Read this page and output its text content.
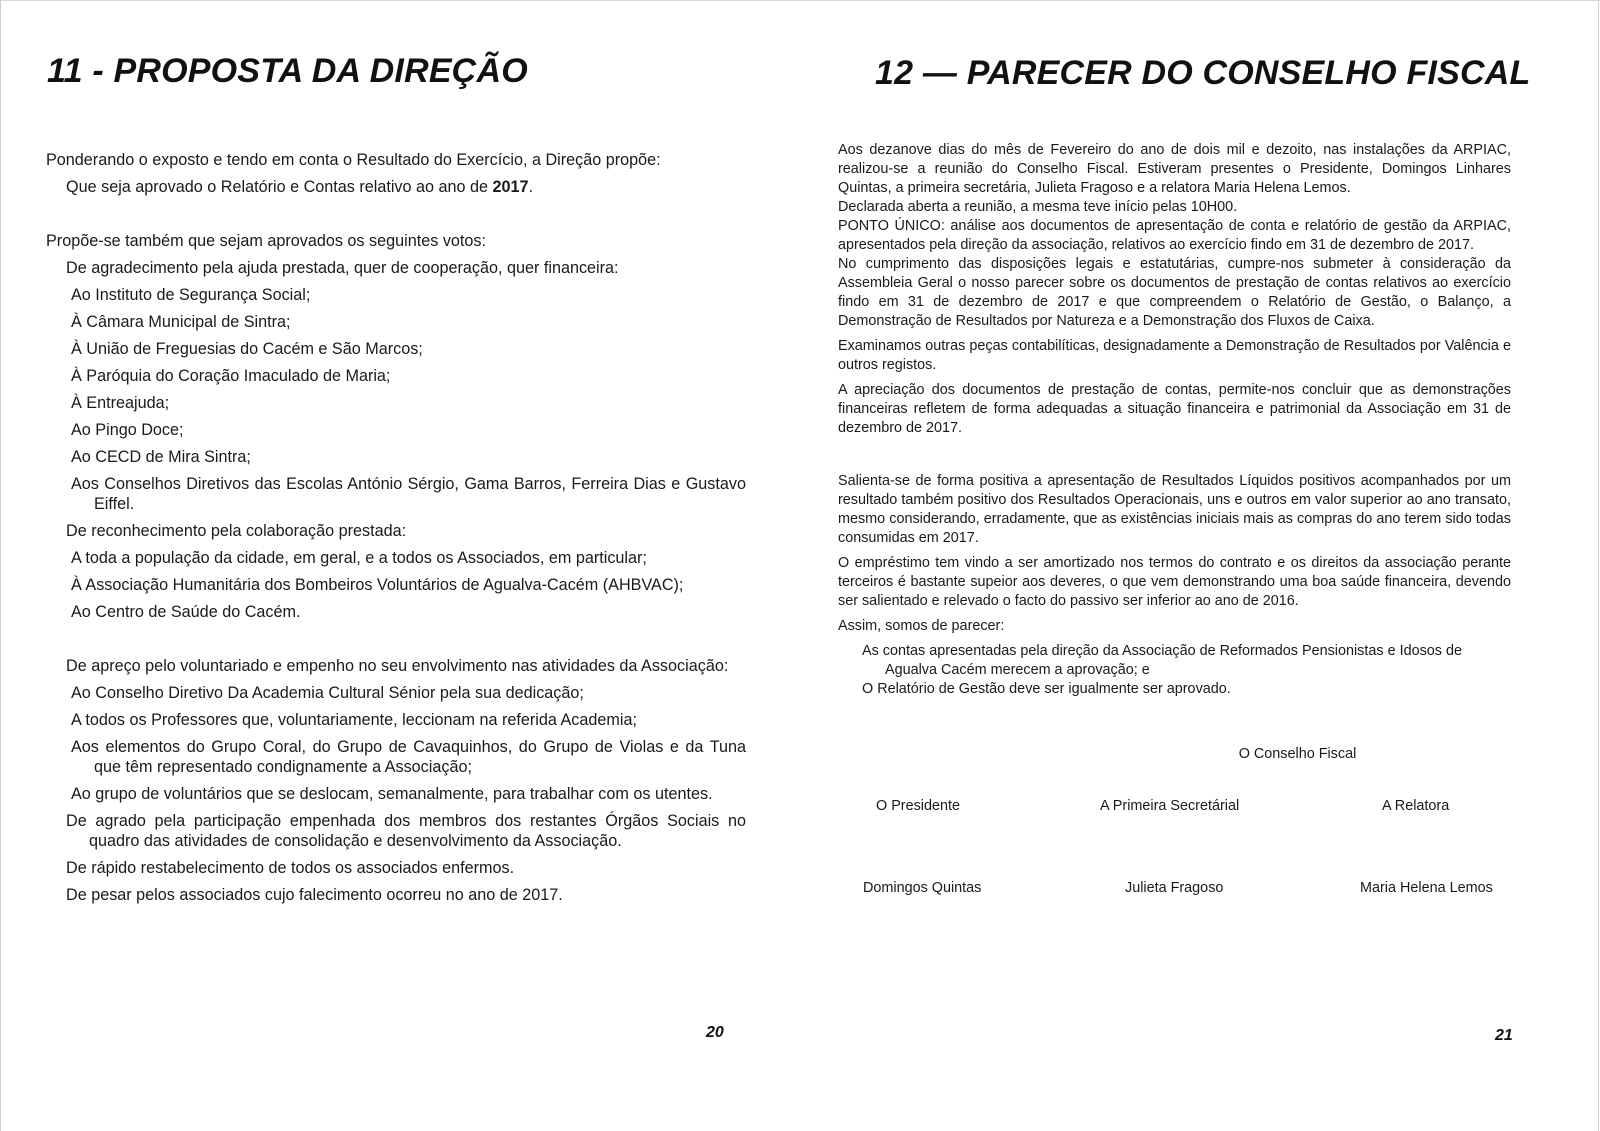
11 - PROPOSTA DA DIREÇÃO

Ponderando o exposto e tendo em conta o Resultado do Exercício, a Direção propõe:

Que seja aprovado o Relatório e Contas relativo ao ano de 2017.

Propõe-se também que sejam aprovados os seguintes votos:

De agradecimento pela ajuda prestada, quer de cooperação, quer financeira:

Ao Instituto de Segurança Social;

À Câmara Municipal de Sintra;

À União de Freguesias do Cacém e São Marcos;

À Paróquia do Coração Imaculado de Maria;

À Entreajuda;

Ao Pingo Doce;

Ao CECD de Mira Sintra;

Aos Conselhos Diretivos das Escolas António Sérgio, Gama Barros, Ferreira Dias e Gustavo Eiffel.

De reconhecimento pela colaboração prestada:

A toda a população da cidade, em geral, e a todos os Associados, em particular;

À Associação Humanitária dos Bombeiros Voluntários de Agualva-Cacém (AHBVAC);

Ao Centro de Saúde do Cacém.

De apreço pelo voluntariado e empenho no seu envolvimento nas atividades da Associação:

Ao Conselho Diretivo Da Academia Cultural Sénior pela sua dedicação;

A todos os Professores que, voluntariamente, leccionam na referida Academia;

Aos elementos do Grupo Coral, do Grupo de Cavaquinhos, do Grupo de Violas e da Tuna que têm representado condignamente a Associação;

Ao grupo de voluntários que se deslocam, semanalmente, para trabalhar com os utentes.

De agrado pela participação empenhada dos membros dos restantes Órgãos Sociais no quadro das atividades de consolidação e desenvolvimento da Associação.

De rápido restabelecimento de todos os associados enfermos.

De pesar pelos associados cujo falecimento ocorreu no ano de 2017.

20
12 — PARECER DO CONSELHO FISCAL

Aos dezanove dias do mês de Fevereiro do ano de dois mil e dezoito, nas instalações da ARPIAC, realizou-se a reunião do Conselho Fiscal. Estiveram presentes o Presidente, Domingos Linhares Quintas, a primeira secretária, Julieta Fragoso e a relatora Maria Helena Lemos.

Declarada aberta a reunião, a mesma teve início pelas 10H00.

PONTO ÚNICO: análise aos documentos de apresentação de conta e relatório de gestão da ARPIAC, apresentados pela direção da associação, relativos ao exercício findo em 31 de dezembro de 2017.

No cumprimento das disposições legais e estatutárias, cumpre-nos submeter à consideração da Assembleia Geral o nosso parecer sobre os documentos de prestação de contas relativos ao exercício findo em 31 de dezembro de 2017 e que compreendem o Relatório de Gestão, o Balanço, a Demonstração de Resultados por Natureza e a Demonstração dos Fluxos de Caixa.

Examinamos outras peças contabilíticas, designadamente a Demonstração de Resultados por Valência e outros registos.

A apreciação dos documentos de prestação de contas, permite-nos concluir que as demonstrações financeiras refletem de forma adequadas a situação financeira e patrimonial da Associação em 31 de dezembro de 2017.

Salienta-se de forma positiva a apresentação de Resultados Líquidos positivos acompanhados por um resultado também positivo dos Resultados Operacionais, uns e outros em valor superior ao ano transato, mesmo considerando, erradamente, que as existências iniciais mais as compras do ano terem sido todas consumidas em 2017.

O empréstimo tem vindo a ser amortizado nos termos do contrato e os direitos da associação perante terceiros é bastante supeior aos deveres, o que vem demonstrando uma boa saúde financeira, devendo ser salientado e relevado o facto do passivo ser inferior ao ano de 2016.

Assim, somos de parecer:

As contas apresentadas pela direção da Associação de Reformados Pensionistas e Idosos de Agualva Cacém merecem a aprovação; e

O Relatório de Gestão deve ser igualmente ser aprovado.

O Conselho Fiscal
O Presidente	A Primeira Secretárial	A Relatora
Domingos Quintas	Julieta Fragoso	Maria Helena Lemos
21
